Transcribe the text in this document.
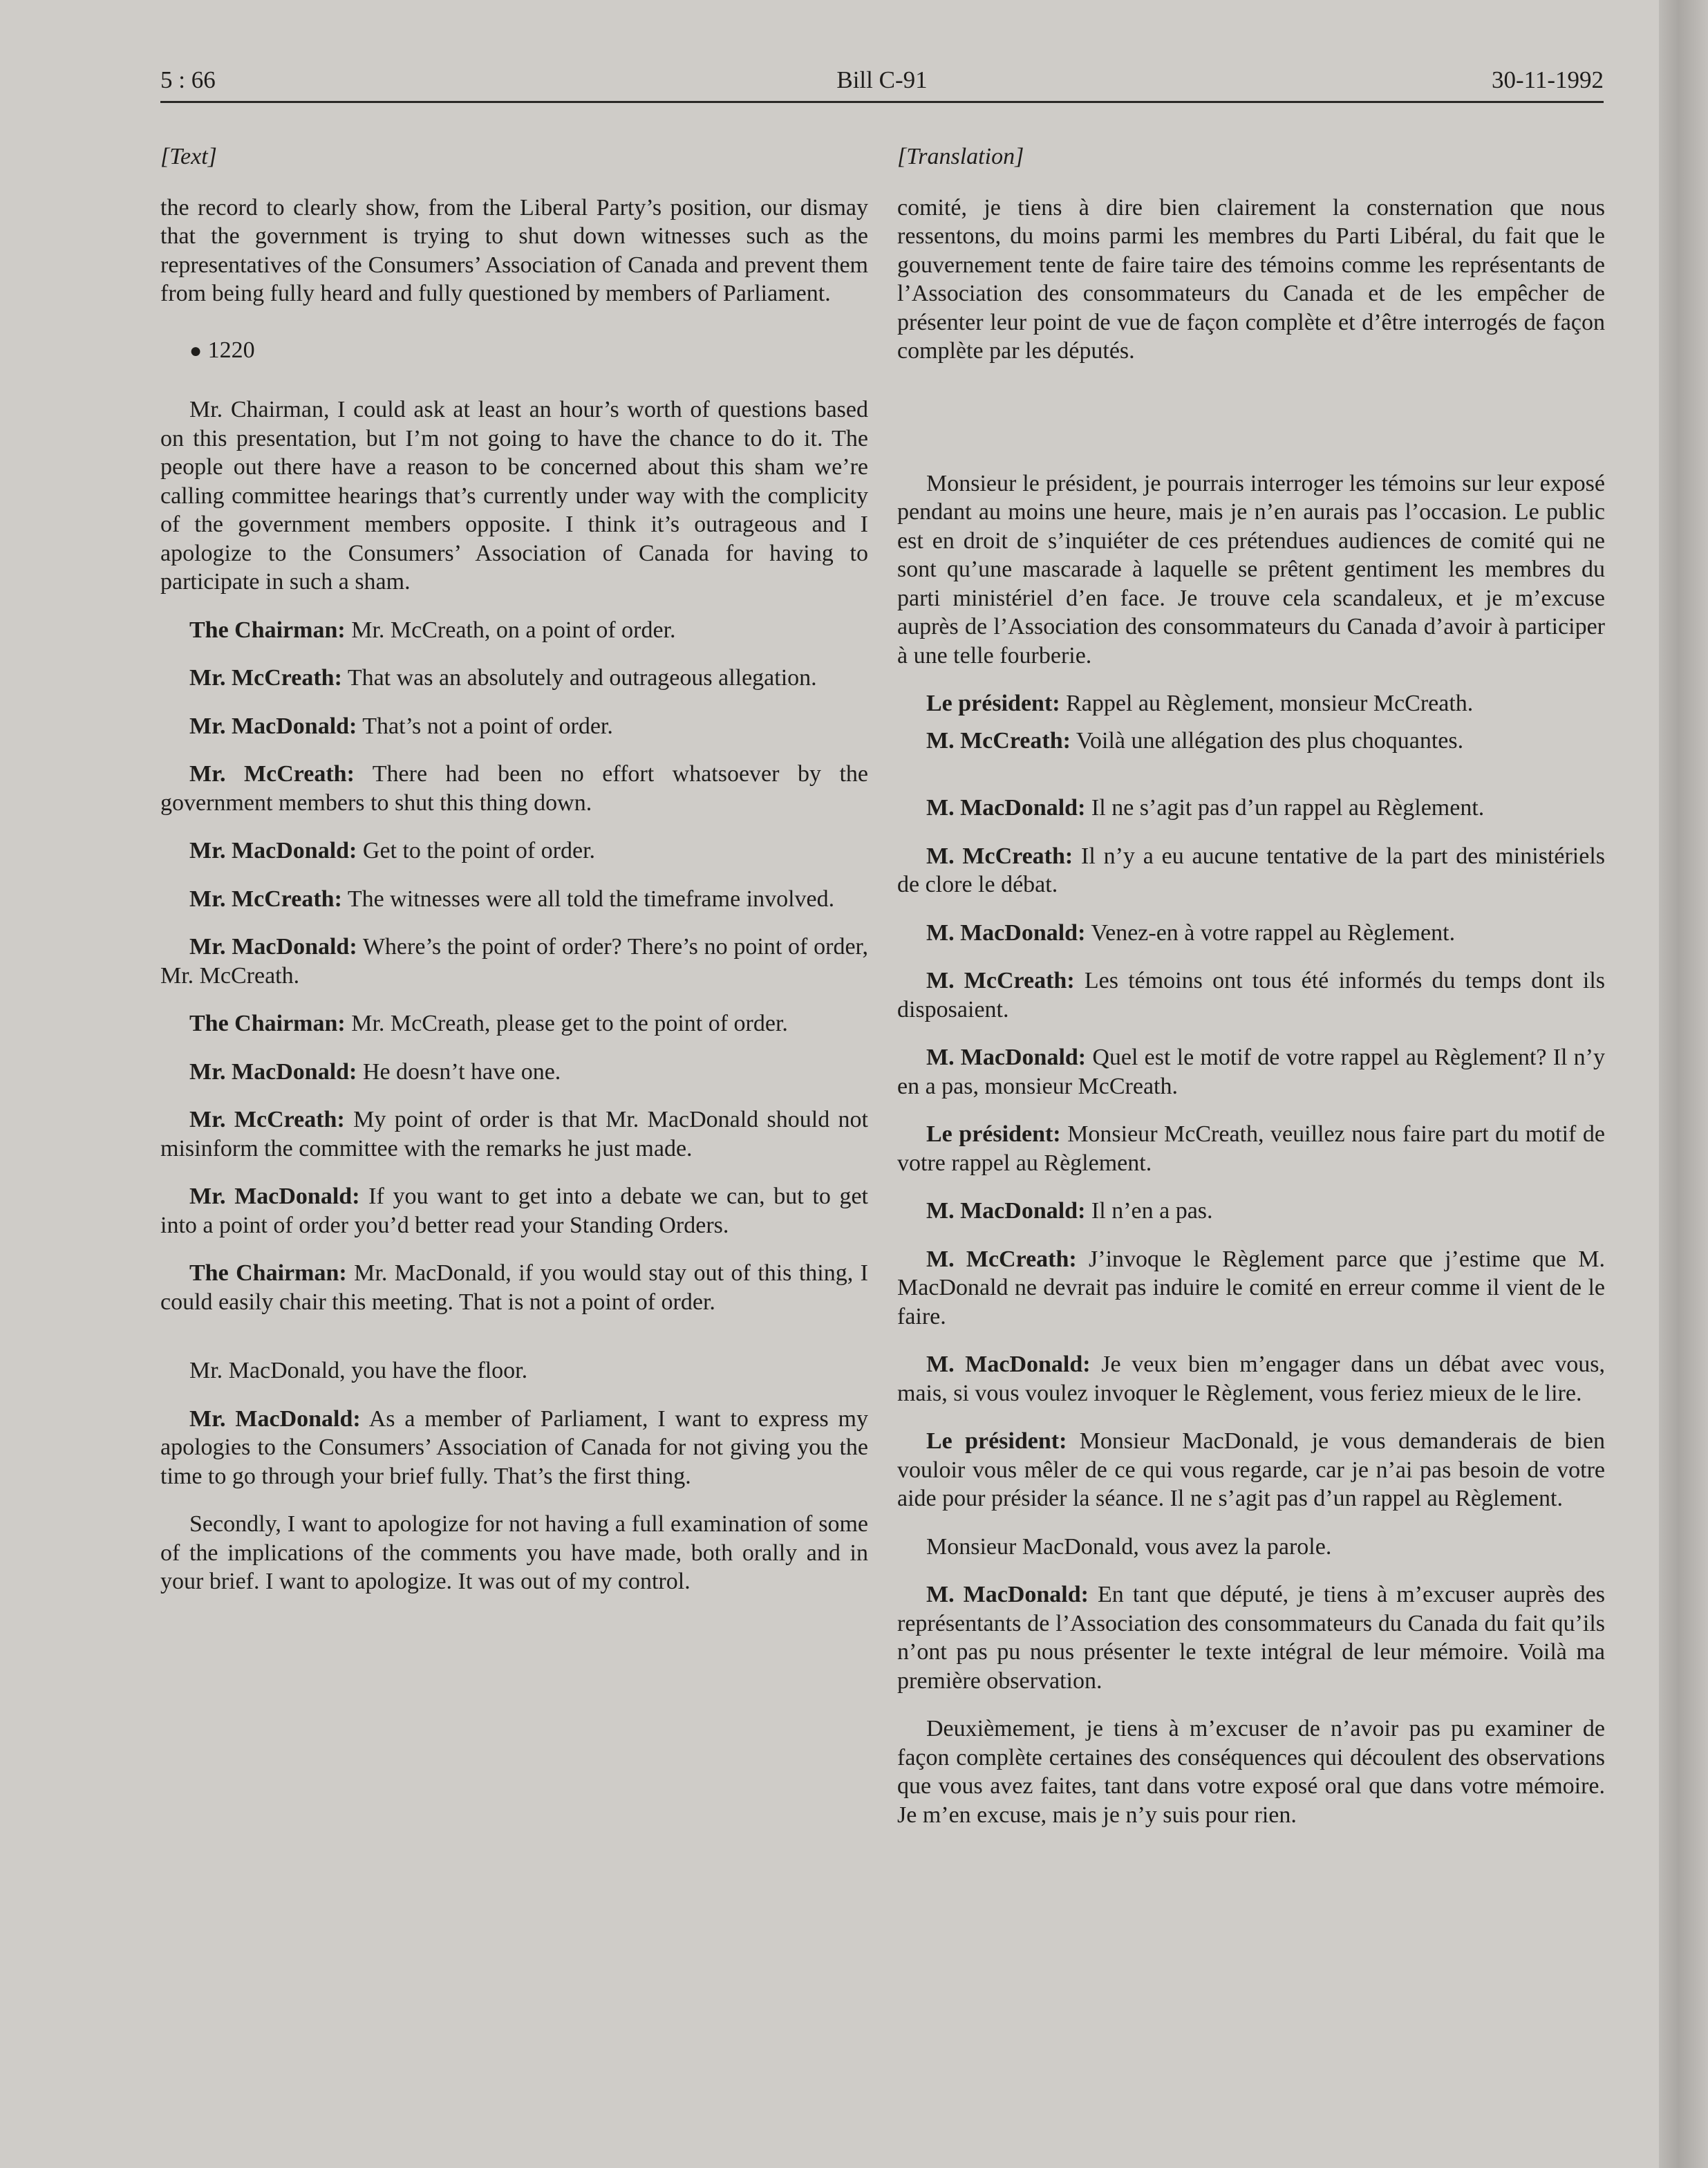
5 : 66	Bill C-91	30-11-1992
[Text]

the record to clearly show, from the Liberal Party’s position, our dismay that the government is trying to shut down witnesses such as the representatives of the Consumers’ Association of Canada and prevent them from being fully heard and fully questioned by members of Parliament.

● 1220

Mr. Chairman, I could ask at least an hour’s worth of questions based on this presentation, but I’m not going to have the chance to do it. The people out there have a reason to be concerned about this sham we’re calling committee hearings that’s currently under way with the complicity of the government members opposite. I think it’s outrageous and I apologize to the Consumers’ Association of Canada for having to participate in such a sham.

The Chairman: Mr. McCreath, on a point of order.

Mr. McCreath: That was an absolutely and outrageous allegation.

Mr. MacDonald: That’s not a point of order.

Mr. McCreath: There had been no effort whatsoever by the government members to shut this thing down.

Mr. MacDonald: Get to the point of order.

Mr. McCreath: The witnesses were all told the timeframe involved.

Mr. MacDonald: Where’s the point of order? There’s no point of order, Mr. McCreath.

The Chairman: Mr. McCreath, please get to the point of order.

Mr. MacDonald: He doesn’t have one.

Mr. McCreath: My point of order is that Mr. MacDonald should not misinform the committee with the remarks he just made.

Mr. MacDonald: If you want to get into a debate we can, but to get into a point of order you’d better read your Standing Orders.

The Chairman: Mr. MacDonald, if you would stay out of this thing, I could easily chair this meeting. That is not a point of order.

Mr. MacDonald, you have the floor.

Mr. MacDonald: As a member of Parliament, I want to express my apologies to the Consumers’ Association of Canada for not giving you the time to go through your brief fully. That’s the first thing.

Secondly, I want to apologize for not having a full examination of some of the implications of the comments you have made, both orally and in your brief. I want to apologize. It was out of my control.

[Translation]

comité, je tiens à dire bien clairement la consternation que nous ressentons, du moins parmi les membres du Parti Libéral, du fait que le gouvernement tente de faire taire des témoins comme les représentants de l’Association des consommateurs du Canada et de les empêcher de présenter leur point de vue de façon complète et d’être interrogés de façon complète par les députés.

Monsieur le président, je pourrais interroger les témoins sur leur exposé pendant au moins une heure, mais je n’en aurais pas l’occasion. Le public est en droit de s’inquiéter de ces prétendues audiences de comité qui ne sont qu’une mascarade à laquelle se prêtent gentiment les membres du parti ministériel d’en face. Je trouve cela scandaleux, et je m’excuse auprès de l’Association des consommateurs du Canada d’avoir à participer à une telle fourberie.

Le président: Rappel au Règlement, monsieur McCreath.

M. McCreath: Voilà une allégation des plus choquantes.

M. MacDonald: Il ne s’agit pas d’un rappel au Règlement.

M. McCreath: Il n’y a eu aucune tentative de la part des ministériels de clore le débat.

M. MacDonald: Venez-en à votre rappel au Règlement.

M. McCreath: Les témoins ont tous été informés du temps dont ils disposaient.

M. MacDonald: Quel est le motif de votre rappel au Règlement? Il n’y en a pas, monsieur McCreath.

Le président: Monsieur McCreath, veuillez nous faire part du motif de votre rappel au Règlement.

M. MacDonald: Il n’en a pas.

M. McCreath: J’invoque le Règlement parce que j’estime que M. MacDonald ne devrait pas induire le comité en erreur comme il vient de le faire.

M. MacDonald: Je veux bien m’engager dans un débat avec vous, mais, si vous voulez invoquer le Règlement, vous feriez mieux de le lire.

Le président: Monsieur MacDonald, je vous demanderais de bien vouloir vous mêler de ce qui vous regarde, car je n’ai pas besoin de votre aide pour présider la séance. Il ne s’agit pas d’un rappel au Règlement.

Monsieur MacDonald, vous avez la parole.

M. MacDonald: En tant que député, je tiens à m’excuser auprès des représentants de l’Association des consommateurs du Canada du fait qu’ils n’ont pas pu nous présenter le texte intégral de leur mémoire. Voilà ma première observation.

Deuxièmement, je tiens à m’excuser de n’avoir pas pu examiner de façon complète certaines des conséquences qui découlent des observations que vous avez faites, tant dans votre exposé oral que dans votre mémoire. Je m’en excuse, mais je n’y suis pour rien.
